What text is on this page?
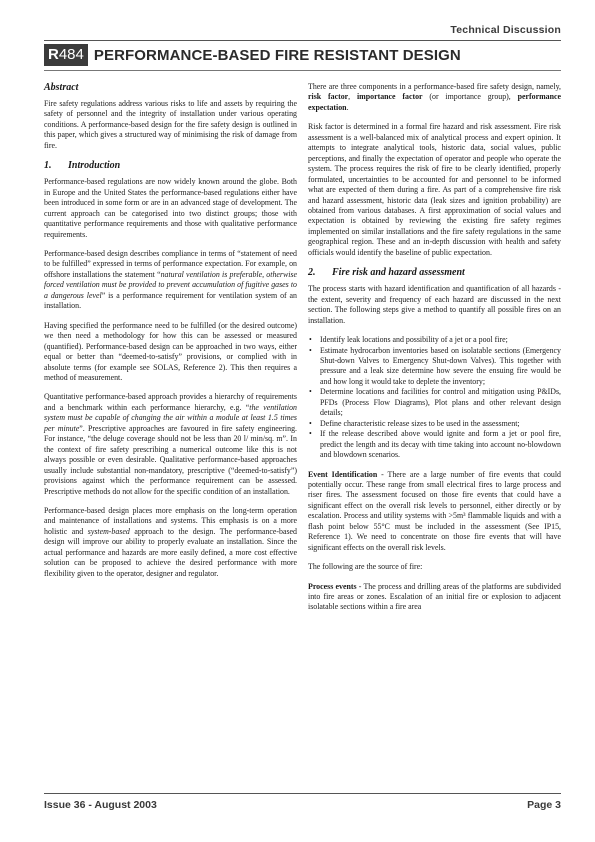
Technical Discussion
R484 PERFORMANCE-BASED FIRE RESISTANT DESIGN
Abstract

Fire safety regulations address various risks to life and assets by requiring the safety of personnel and the integrity of installation under various operating conditions. A performance-based design for the fire safety design is outlined in this paper, which gives a structured way of minimising the risk of damage from fire.

1.	Introduction

Performance-based regulations are now widely known around the globe. Both in Europe and the United States the performance-based regulations either have been introduced in some form or are in an advanced stage of development. The current approach can be categorised into two distinct groups; those with quantitative performance requirements and those with qualitative performance requirements.

Performance-based design describes compliance in terms of “statement of need to be fulfilled” expressed in terms of performance expectation. For example, on offshore installations the statement “natural ventilation is preferable, otherwise forced ventilation must be provided to prevent accumulation of fugitive gases to a dangerous level” is a performance requirement for ventilation system of an installation.

Having specified the performance need to be fulfilled (or the desired outcome) we then need a methodology for how this can be assessed or measured (quantified). Performance-based design can be approached in two ways, either equal or better than “deemed-to-satisfy” provisions, or complied with in absolute terms (for example see SOLAS, Reference 2). This then requires a method of measurement.

Quantitative performance-based approach provides a hierarchy of requirements and a benchmark within each performance hierarchy, e.g. “the ventilation system must be capable of changing the air within a module at least 1.5 times per minute”. Prescriptive approaches are favoured in fire safety engineering. For instance, “the deluge coverage should not be less than 20 l/ min/sq. m”. In the context of fire safety prescribing a numerical outcome like this is not always possible or even desirable. Qualitative performance-based approaches usually include substantial non-mandatory, prescriptive (“deemed-to-satisfy”) provisions against which the performance requirement can be assessed. Prescriptive methods do not allow for the specific condition of an installation.

Performance-based design places more emphasis on the long-term operation and maintenance of installations and systems. This emphasis is on a more holistic and system-based approach to the design. The performance-based design will improve our ability to properly evaluate an installation. Since the actual performance and hazards are more easily defined, a more cost effective solution can be proposed to achieve the desired performance with more flexibility given to the operator, designer and regulator.

There are three components in a performance-based fire safety design, namely, risk factor, importance factor (or importance group), performance expectation.

Risk factor is determined in a formal fire hazard and risk assessment. Fire risk assessment is a well-balanced mix of analytical process and expert opinion. It attempts to integrate analytical tools, historic data, social values, public perceptions, and finally the expectation of operator and people who operate the system. The process requires the risk of fire to be clearly identified, properly formulated, uncertainties to be accounted for and personnel to be informed what are expected of them during a fire. As part of a comprehensive fire risk and hazard assessment, historic data (leak sizes and ignition probability) are obtained from various databases. A first approximation of social values and expectation is obtained by reviewing the existing fire safety regimes implemented on similar installations and the fire safety regulations in the same geographical region. These and an in-depth discussion with health and safety officials would identify the baseline of public expectation.

2.	Fire risk and hazard assessment

The process starts with hazard identification and quantification of all hazards - the extent, severity and frequency of each hazard are discussed in the next section. The following steps give a method to quantify all possible fires on an installation.

• Identify leak locations and possibility of a jet or a pool fire;
• Estimate hydrocarbon inventories based on isolatable sections (Emergency Shut-down Valves to Emergency Shut-down Valves). This together with pressure and a leak size determine how severe the ensuing fire would be and how long it would take to deplete the inventory;
• Determine locations and facilities for control and mitigation using P&IDs, PFDs (Process Flow Diagrams), Plot plans and other relevant design details;
• Define characteristic release sizes to be used in the assessment;
• If the release described above would ignite and form a jet or pool fire, predict the length and its decay with time taking into account no-blowdown and blowdown scenarios.

Event Identification - There are a large number of fire events that could potentially occur. These range from small electrical fires to large process and riser fires. The assessment focused on those fire events that could have a significant effect on the overall risk levels to personnel, either directly or by escalation. Process and utility systems with >5m³ flammable liquids and with a flash point below 55°C must be included in the assessment (See IP15, Reference 1). We need to concentrate on those fire events that will have significant effects on the overall risk levels.

The following are the source of fire:

Process events - The process and drilling areas of the platforms are subdivided into fire areas or zones. Escalation of an initial fire or explosion to adjacent isolatable sections within a fire area

Issue 36 - August 2003	Page 3
